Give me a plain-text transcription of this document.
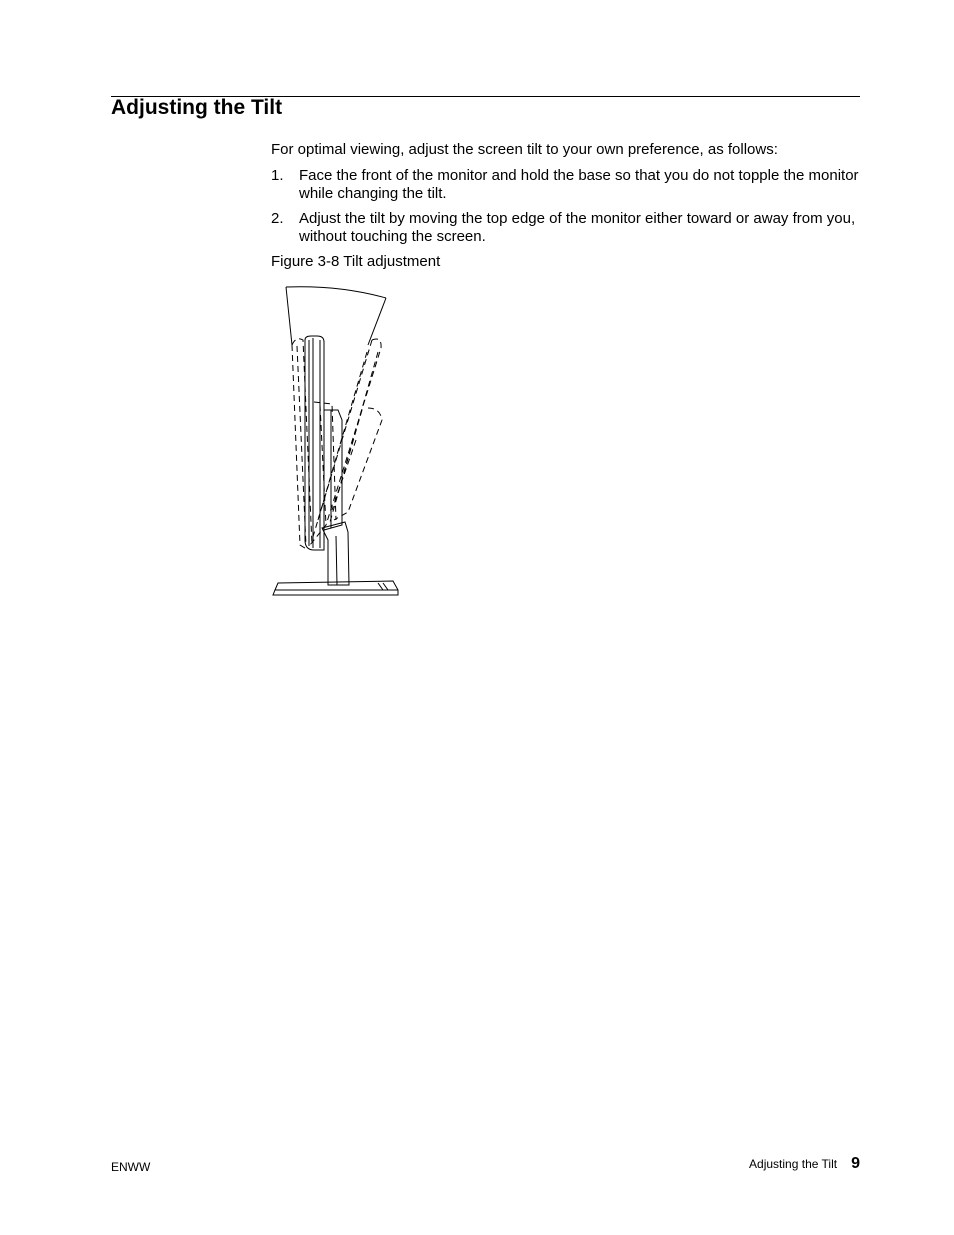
Adjusting the Tilt

For optimal viewing, adjust the screen tilt to your own preference, as follows:

1.	Face the front of the monitor and hold the base so that you do not topple the monitor while changing the tilt.
2.	Adjust the tilt by moving the top edge of the monitor either toward or away from you, without touching the screen.

Figure 3-8 Tilt adjustment

ENWW	Adjusting the Tilt 9
